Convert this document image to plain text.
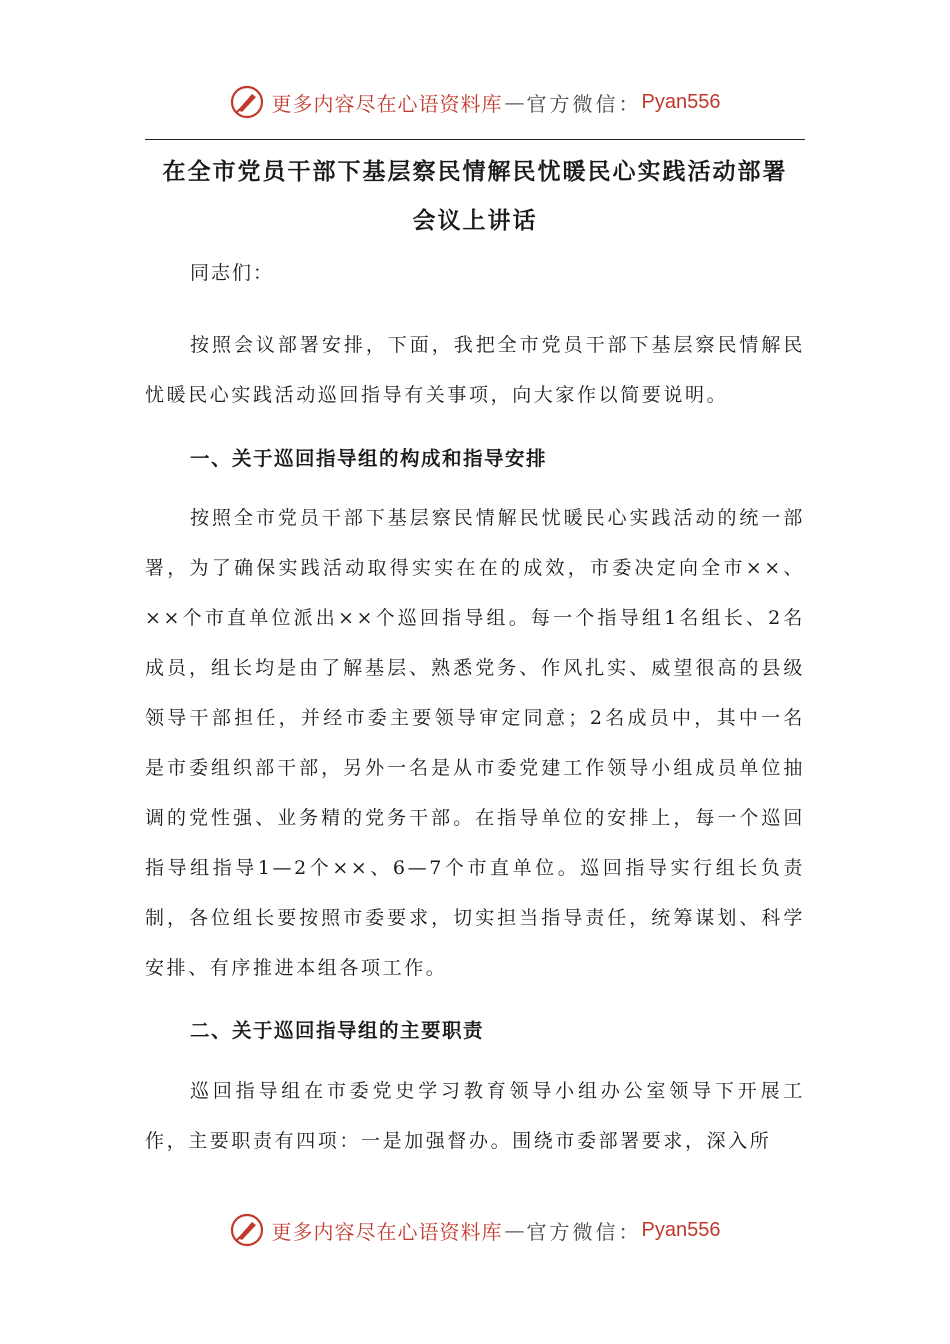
更多内容尽在心语资料库 — 官方微信： Pyan556
在全市党员干部下基层察民情解民忧暖民心实践活动部署
会议上讲话
同志们：

按照会议部署安排，下面，我把全市党员干部下基层察民情解民忧暖民心实践活动巡回指导有关事项，向大家作以简要说明。

一、关于巡回指导组的构成和指导安排

按照全市党员干部下基层察民情解民忧暖民心实践活动的统一部署，为了确保实践活动取得实实在在的成效，市委决定向全市××、××个市直单位派出××个巡回指导组。每一个指导组1名组长、2名成员，组长均是由了解基层、熟悉党务、作风扎实、威望很高的县级领导干部担任，并经市委主要领导审定同意；2名成员中，其中一名是市委组织部干部，另外一名是从市委党建工作领导小组成员单位抽调的党性强、业务精的党务干部。在指导单位的安排上，每一个巡回指导组指导1—2个××、6—7个市直单位。巡回指导实行组长负责制，各位组长要按照市委要求，切实担当指导责任，统筹谋划、科学安排、有序推进本组各项工作。

二、关于巡回指导组的主要职责

巡回指导组在市委党史学习教育领导小组办公室领导下开展工作，主要职责有四项：一是加强督办。围绕市委部署要求，深入所

更多内容尽在心语资料库 — 官方微信： Pyan556
